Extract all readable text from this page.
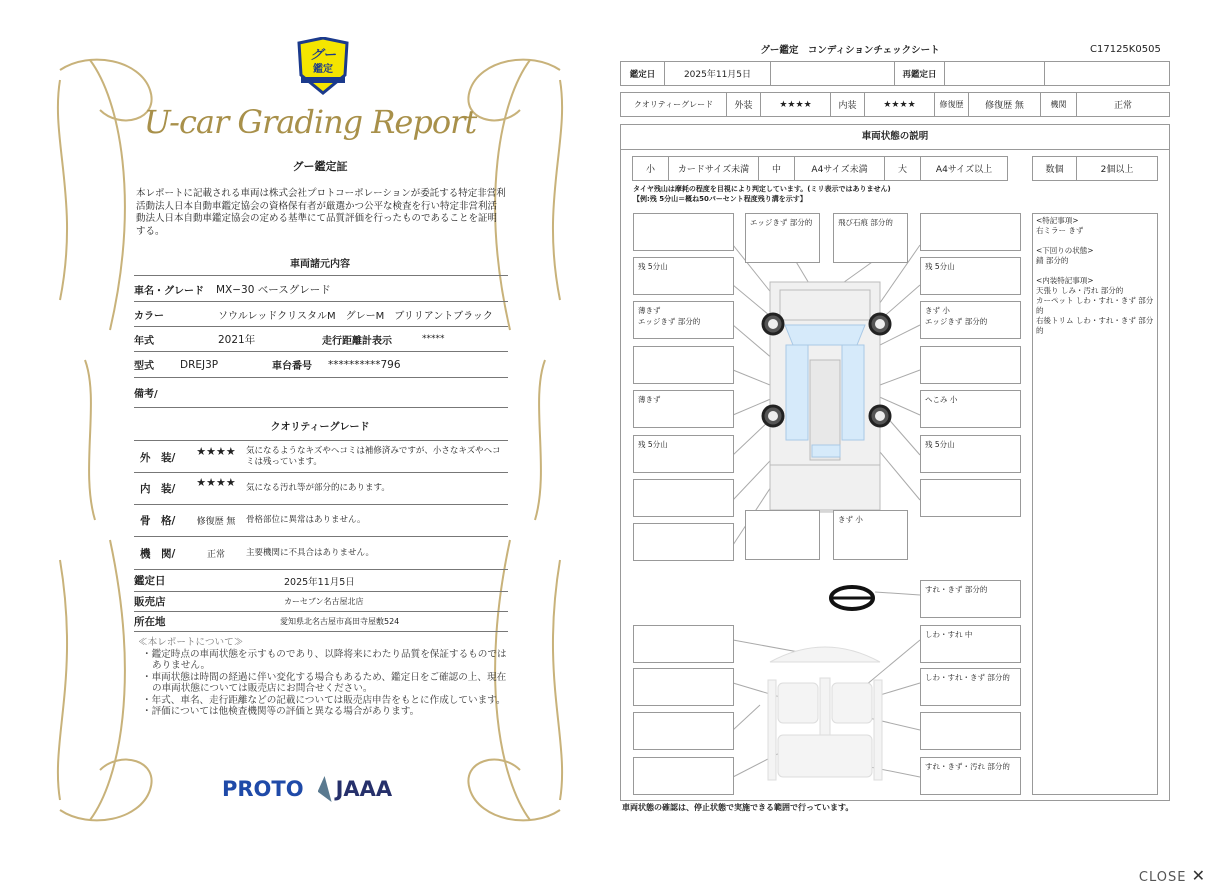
グー
鑑定
U-car Grading Report
グー鑑定証
本レポートに記載される車両は株式会社プロトコーポレーションが委託する特定非営利活動法人日本自動車鑑定協会の資格保有者が厳選かつ公平な検査を行い特定非営利活動法人日本自動車鑑定協会の定める基準にて品質評価を行ったものであることを証明する。
車両諸元内容
車名・グレード	MX−30 ベースグレード
カラー	ソウルレッドクリスタルM　グレーM　ブリリアントブラック
年式	2021年	走行距離計表示	*****
型式	DREJ3P	車台番号	**********796
備考/
クオリティーグレード
外　装/	★★★★	気になるようなキズやヘコミは補修済みですが、小さなキズやヘコミは残っています。
内　装/	★★★★	気になる汚れ等が部分的にあります。
骨　格/	修復歴 無	骨格部位に異常はありません。
機　関/	正常	主要機関に不具合はありません。
鑑定日	2025年11月5日
販売店	カーセブン名古屋北店
所在地	愛知県北名古屋市高田寺屋敷524

≪本レポートについて≫

・鑑定時点の車両状態を示すものであり、以降将来にわたり品質を保証するものではありません。
・車両状態は時間の経過に伴い変化する場合もあるため、鑑定日をご確認の上、現在の車両状態については販売店にお問合せください。
・年式、車名、走行距離などの記載については販売店申告をもとに作成しています。
・評価については他検査機関等の評価と異なる場合があります。
PROTO JAAA
グー鑑定　コンディションチェックシート	C17125K0505
鑑定日	2025年11月5日		再鑑定日		
クオリティーグレード	外装	★★★★	内装	★★★★	修復歴	修復歴 無	機関	正常
車両状態の説明
小	カードサイズ未満	中	A4サイズ未満	大	A4サイズ以上	数個	2個以上
タイヤ残山は摩耗の程度を目視により判定しています。(ミリ表示ではありません)
【例:残 5分山＝概ね50パーセント程度残り溝を示す】
残 5分山
薄きず
エッジきず 部分的
薄きず
残 5分山
エッジきず 部分的	飛び石痕 部分的
残 5分山
きず 小
エッジきず 部分的
へこみ 小
残 5分山
きず 小
すれ・きず 部分的
しわ・すれ 中
しわ・すれ・きず 部分的
すれ・きず・汚れ 部分的
<特記事項>
右ミラー きず
<下回りの状態>
錆 部分的
<内装特記事項>
天張り しみ・汚れ 部分的
カーペット しわ・すれ・きず 部分的
右後トリム しわ・すれ・きず 部分的
車両状態の確認は、停止状態で実施できる範囲で行っています。
CLOSE ✕
